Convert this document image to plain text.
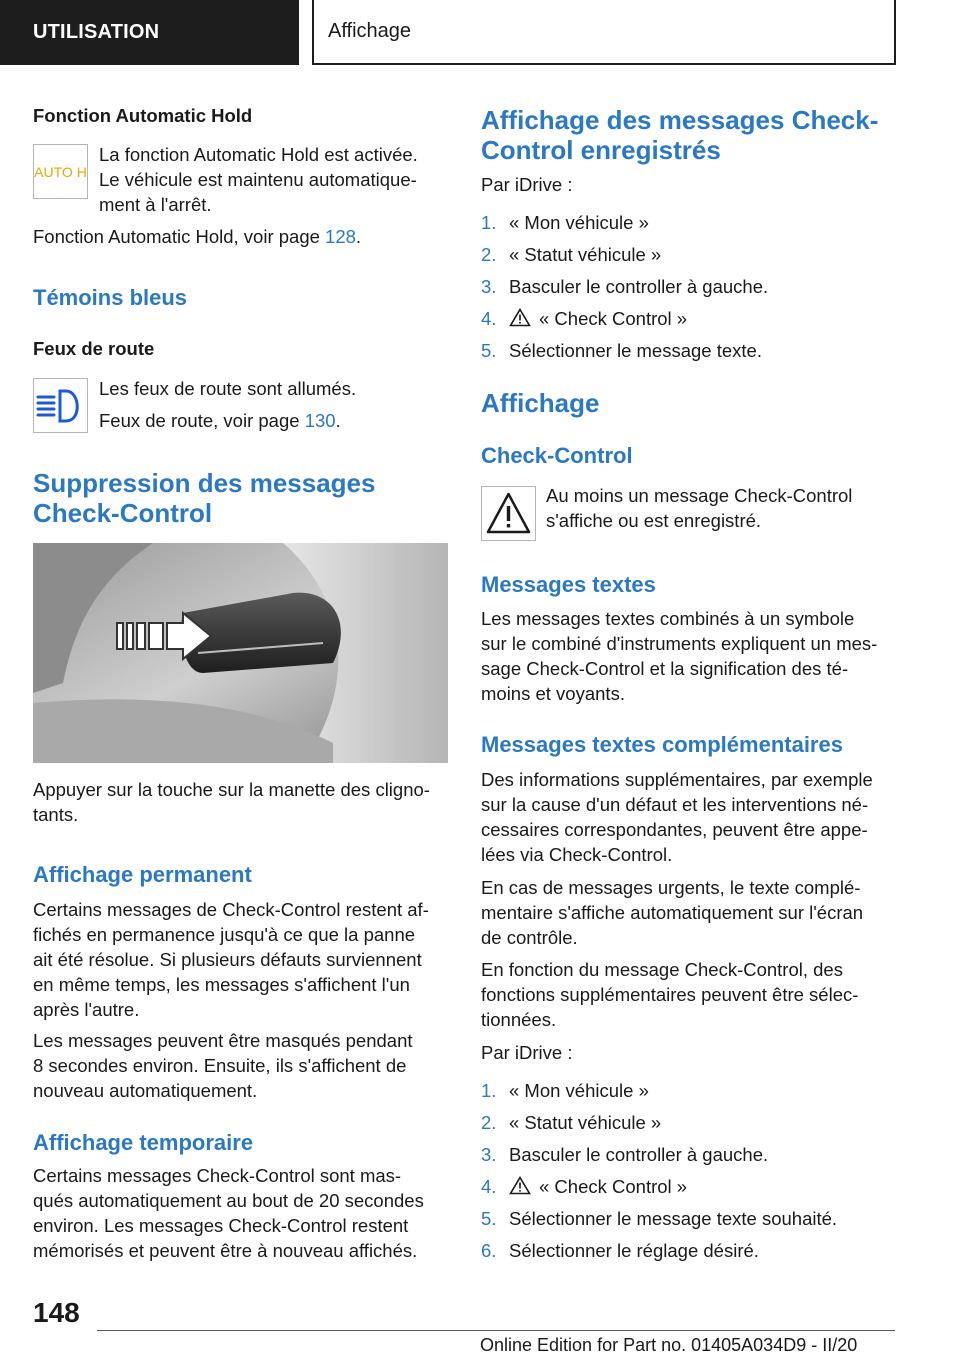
UTILISATION	Affichage
Fonction Automatic Hold
AUTO H

La fonction Automatic Hold est activée.

Le véhicule est maintenu automatique-

ment à l'arrêt.

Fonction Automatic Hold, voir page 128.

Témoins bleus
Feux de route

Les feux de route sont allumés.

Feux de route, voir page 130.

Suppression des messages
Check-Control

Appuyer sur la touche sur la manette des cligno-

tants.

Affichage permanent

Certains messages de Check-Control restent af-

fichés en permanence jusqu'à ce que la panne

ait été résolue. Si plusieurs défauts surviennent

en même temps, les messages s'affichent l'un

après l'autre.

Les messages peuvent être masqués pendant

8 secondes environ. Ensuite, ils s'affichent de

nouveau automatiquement.

Affichage temporaire

Certains messages Check-Control sont mas-

qués automatiquement au bout de 20 secondes

environ. Les messages Check-Control restent

mémorisés et peuvent être à nouveau affichés.

Affichage des messages Check-
Control enregistrés

Par iDrive :

1. « Mon véhicule »
2. « Statut véhicule »
3. Basculer le controller à gauche.
4.	« Check Control »
5. Sélectionner le message texte.
Affichage
Check-Control

Au moins un message Check-Control

s'affiche ou est enregistré.

Messages textes

Les messages textes combinés à un symbole

sur le combiné d'instruments expliquent un mes-

sage Check-Control et la signification des té-

moins et voyants.

Messages textes complémentaires

Des informations supplémentaires, par exemple

sur la cause d'un défaut et les interventions né-

cessaires correspondantes, peuvent être appe-

lées via Check-Control.

En cas de messages urgents, le texte complé-

mentaire s'affiche automatiquement sur l'écran

de contrôle.

En fonction du message Check-Control, des

fonctions supplémentaires peuvent être sélec-

tionnées.

Par iDrive :

1. « Mon véhicule »
2. « Statut véhicule »
3. Basculer le controller à gauche.
4.	« Check Control »
5. Sélectionner le message texte souhaité.
6. Sélectionner le réglage désiré.
148
Online Edition for Part no. 01405A034D9 - II/20
